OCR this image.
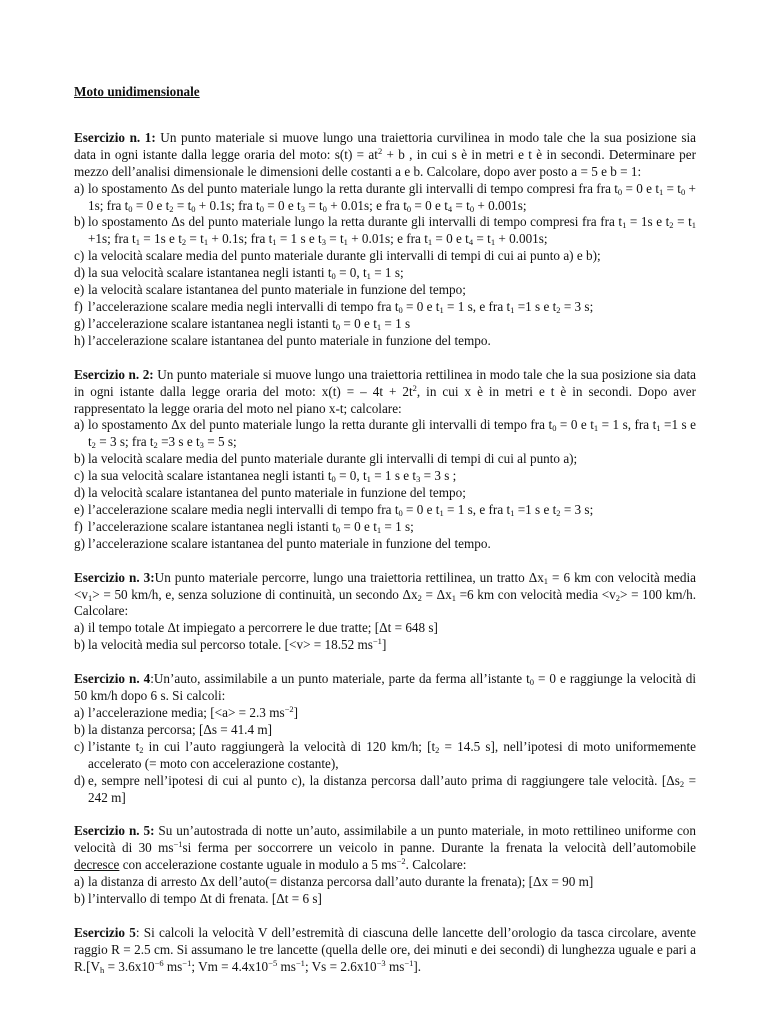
Moto unidimensionale

Esercizio n. 1: Un punto materiale si muove lungo una traiettoria curvilinea in modo tale che la sua posizione sia data in ogni istante dalla legge oraria del moto: $s(t) = at^2 + b$ , in cui s è in metri e t è in secondi. Determinare per mezzo dell’analisi dimensionale le dimensioni delle costanti a e b. Calcolare, dopo aver posto a = 5 e b = 1:

a) lo spostamento Δs del punto materiale lungo la retta durante gli intervalli di tempo compresi fra fra $t_0 = 0$ e $t_1 = t_0 + 1s$; fra $t_0 = 0$ e $t_2 = t_0 + 0.1s$; fra $t_0 = 0$ e $t_3 = t_0 + 0.01s$; e fra $t_0 = 0$ e $t_4 = t_0 + 0.001s$;
b) lo spostamento Δs del punto materiale lungo la retta durante gli intervalli di tempo compresi fra fra $t_1 = 1s$ e $t_2 = t_1 +1s$; fra $t_1 = 1s$ e $t_2 = t_1 + 0.1s$; fra $t_1 = 1$ s e $t_3 = t_1 + 0.01s$; e fra $t_1 = 0$ e $t_4 = t_1 + 0.001s$;
c) la velocità scalare media del punto materiale durante gli intervalli di tempi di cui ai punto a) e b);
d) la sua velocità scalare istantanea negli istanti $t_0 = 0$, $t_1 = 1$ s;
e) la velocità scalare istantanea del punto materiale in funzione del tempo;
f) l’accelerazione scalare media negli intervalli di tempo fra $t_0 = 0$ e $t_1 = 1$ s, e fra $t_1 =1$ s e $t_2 = 3$ s;
g) l’accelerazione scalare istantanea negli istanti $t_0 = 0$ e $t_1 = 1$ s
h) l’accelerazione scalare istantanea del punto materiale in funzione del tempo.

Esercizio n. 2: Un punto materiale si muove lungo una traiettoria rettilinea in modo tale che la sua posizione sia data in ogni istante dalla legge oraria del moto: x(t) = – $4t + 2t^2$, in cui x è in metri e t è in secondi. Dopo aver rappresentato la legge oraria del moto nel piano x-t; calcolare:

a) lo spostamento Δx del punto materiale lungo la retta durante gli intervalli di tempo fra $t_0 = 0$ e $t_1 = 1$ s, fra $t_1 =1$ s e $t_2 = 3$ s; fra $t_2 =3$ s e $t_3 = 5$ s;
b) la velocità scalare media del punto materiale durante gli intervalli di tempi di cui al punto a);
c) la sua velocità scalare istantanea negli istanti $t_0 = 0$, $t_1 = 1$ s e $t_3 = 3$ s ;
d) la velocità scalare istantanea del punto materiale in funzione del tempo;
e) l’accelerazione scalare media negli intervalli di tempo fra $t_0 = 0$ e $t_1 = 1$ s, e fra $t_1 =1$ s e $t_2 = 3$ s;
f) l’accelerazione scalare istantanea negli istanti $t_0 = 0$ e $t_1 = 1$ s;
g) l’accelerazione scalare istantanea del punto materiale in funzione del tempo.

Esercizio n. 3:Un punto materiale percorre, lungo una traiettoria rettilinea, un tratto $\Delta x_1 = 6$ km con velocità media $<v_1> = 50$ km/h, e, senza soluzione di continuità, un secondo $\Delta x_2 = \Delta x_1 =6$ km con velocità media $<v_2> = 100$ km/h. Calcolare:

a) il tempo totale Δt impiegato a percorrere le due tratte; [Δt = 648 s]
b) la velocità media sul percorso totale. [<v> = 18.52 $ms^{-1}$]

Esercizio n. 4:Un’auto, assimilabile a un punto materiale, parte da ferma all’istante $t_0 = 0$ e raggiunge la velocità di 50 km/h dopo 6 s. Si calcoli:

a) l’accelerazione media; [<a> = 2.3 $ms^{-2}$]
b) la distanza percorsa; [Δs = 41.4 m]
c) l’istante $t_2$ in cui l’auto raggiungerà la velocità di 120 km/h; [$t_2 = 14.5$ s], nell’ipotesi di moto uniformemente accelerato (= moto con accelerazione costante),
d) e, sempre nell’ipotesi di cui al punto c), la distanza percorsa dall’auto prima di raggiungere tale velocità. [$\Delta s_2 = 242$ m]

Esercizio n. 5: Su un’autostrada di notte un’auto, assimilabile a un punto materiale, in moto rettilineo uniforme con velocità di 30 $ms^{-1}si$ ferma per soccorrere un veicolo in panne. Durante la frenata la velocità dell’automobile decresce con accelerazione costante uguale in modulo a 5 $ms^{-2}$. Calcolare:

a) la distanza di arresto Δx dell’auto(= distanza percorsa dall’auto durante la frenata); [Δx = 90 m]
b) l’intervallo di tempo Δt di frenata. [Δt = 6 s]

Esercizio 5: Si calcoli la velocità V dell’estremità di ciascuna delle lancette dell’orologio da tasca circolare, avente raggio R = 2.5 cm. Si assumano le tre lancette (quella delle ore, dei minuti e dei secondi) di lunghezza uguale e pari a $R.[V_h = 3.6x10^{-6}$ $ms^{-1}$; $Vm = 4.4x10^{-5}$ $ms^{-1}$; $Vs = 2.6x10^{-3}$ $ms^{-1}$].
